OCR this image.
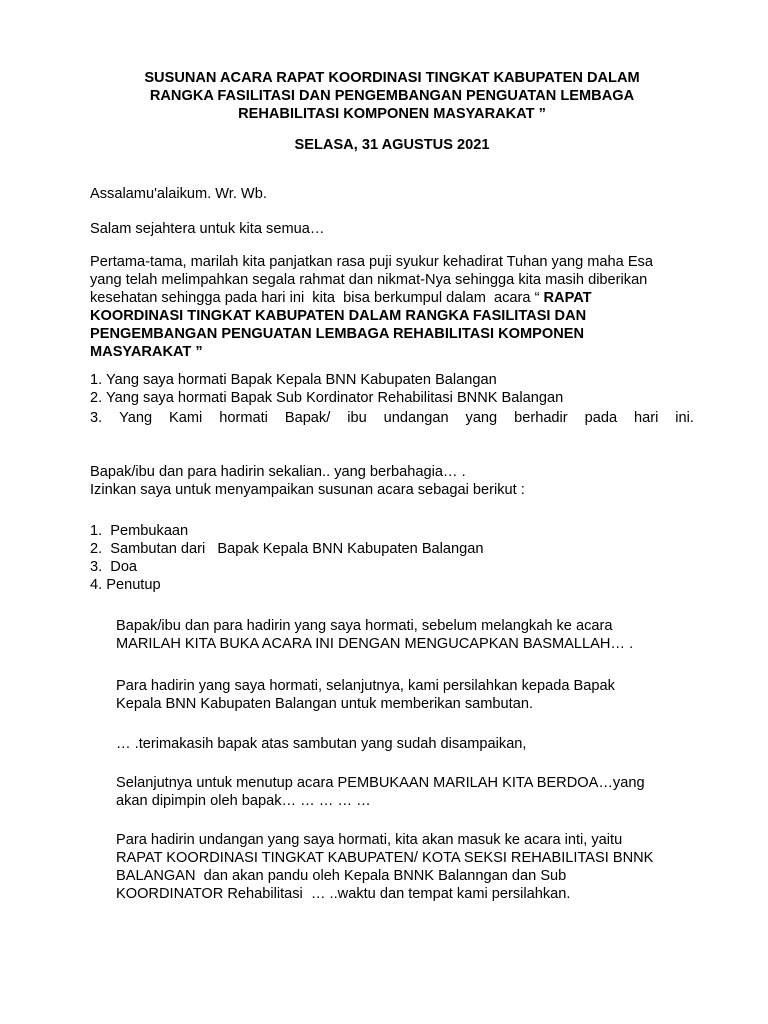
SUSUNAN ACARA RAPAT KOORDINASI TINGKAT KABUPATEN DALAM
RANGKA FASILITASI DAN PENGEMBANGAN PENGUATAN LEMBAGA
REHABILITASI KOMPONEN MASYARAKAT ”
SELASA, 31 AGUSTUS 2021

Assalamu'alaikum. Wr. Wb.

Salam sejahtera untuk kita semua…

Pertama-tama, marilah kita panjatkan rasa puji syukur kehadirat Tuhan yang maha Esa
yang telah melimpahkan segala rahmat dan nikmat-Nya sehingga kita masih diberikan
kesehatan sehingga pada hari ini  kita  bisa berkumpul dalam  acara “ RAPAT
KOORDINASI TINGKAT KABUPATEN DALAM RANGKA FASILITASI DAN
PENGEMBANGAN PENGUATAN LEMBAGA REHABILITASI KOMPONEN
MASYARAKAT ”
1. Yang saya hormati Bapak Kepala BNN Kabupaten Balangan
2. Yang saya hormati Bapak Sub Kordinator Rehabilitasi BNNK Balangan
3. Yang Kami hormati Bapak/ ibu undangan yang berhadir pada hari ini.
Bapak/ibu dan para hadirin sekalian.. yang berbahagia… .
Izinkan saya untuk menyampaikan susunan acara sebagai berikut :
1.  Pembukaan
2.  Sambutan dari   Bapak Kepala BNN Kabupaten Balangan
3.  Doa
4. Penutup
Bapak/ibu dan para hadirin yang saya hormati, sebelum melangkah ke acara
MARILAH KITA BUKA ACARA INI DENGAN MENGUCAPKAN BASMALLAH… .
Para hadirin yang saya hormati, selanjutnya, kami persilahkan kepada Bapak
Kepala BNN Kabupaten Balangan untuk memberikan sambutan.
… .terimakasih bapak atas sambutan yang sudah disampaikan,
Selanjutnya untuk menutup acara PEMBUKAAN MARILAH KITA BERDOA…yang
akan dipimpin oleh bapak… … … … …
Para hadirin undangan yang saya hormati, kita akan masuk ke acara inti, yaitu
RAPAT KOORDINASI TINGKAT KABUPATEN/ KOTA SEKSI REHABILITASI BNNK
BALANGAN  dan akan pandu oleh Kepala BNNK Balanngan dan Sub
KOORDINATOR Rehabilitasi  … ..waktu dan tempat kami persilahkan.
